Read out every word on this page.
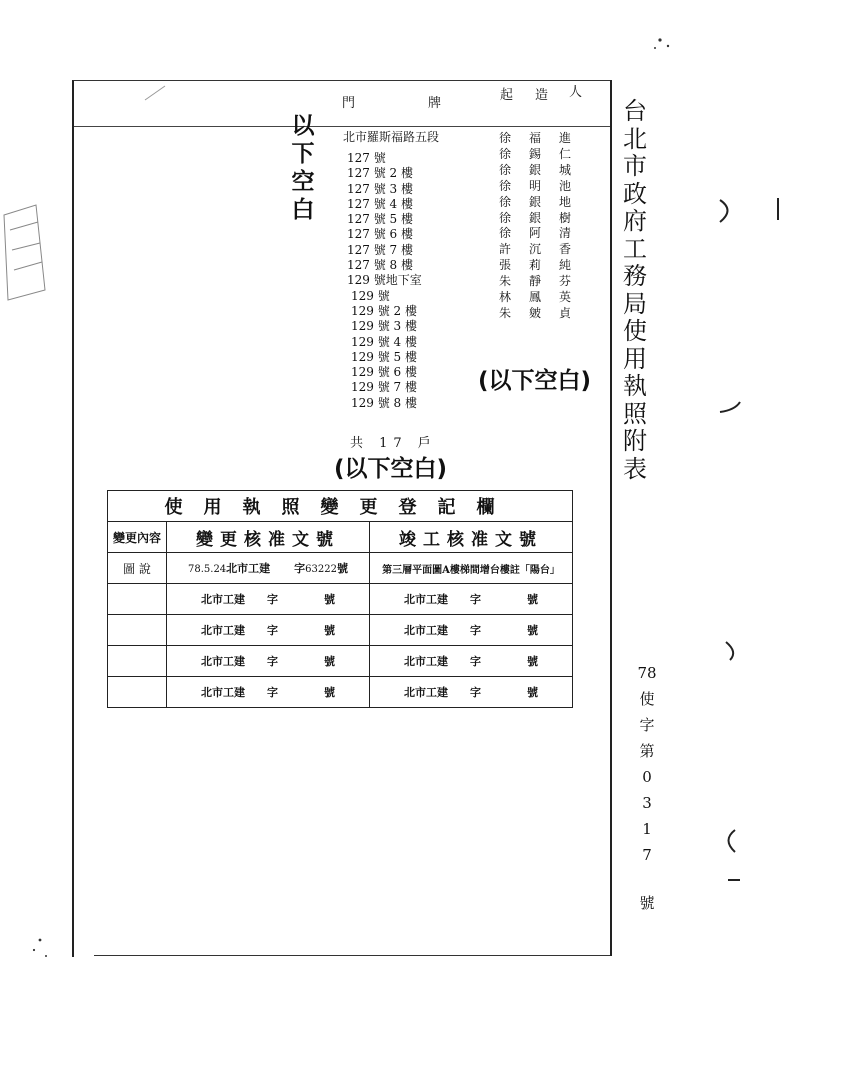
門	牌
起 造 人
台北市政府工務局使用執照附表
北市羅斯福路五段
127 號
127 號 2 樓
127 號 3 樓
127 號 4 樓
127 號 5 樓
127 號 6 樓
127 號 7 樓
127 號 8 樓
129 號地下室
129 號
129 號 2 樓
129 號 3 樓
129 號 4 樓
129 號 5 樓
129 號 6 樓
129 號 7 樓
129 號 8 樓
共 17 戶
徐福進
徐錫仁
徐銀城
徐明池
徐銀地
徐銀樹
徐阿清
許沉香
張莉純
朱靜芬
林鳳英
朱皴貞
以
下
空
白
(以下空白)
(以下空白)
使用執照變更登記欄		
變更內容	變更核准文號	竣工核准文號
圖 說	78.5.24北市工建 字63222號	第三層平面圖A樓梯間增台樓註「陽台」
	北市工建 字 號	北市工建 字 號
	北市工建 字 號	北市工建 字 號
	北市工建 字 號	北市工建 字 號
	北市工建 字 號	北市工建 字 號
78
使
字
第
0
3
1
7
號
